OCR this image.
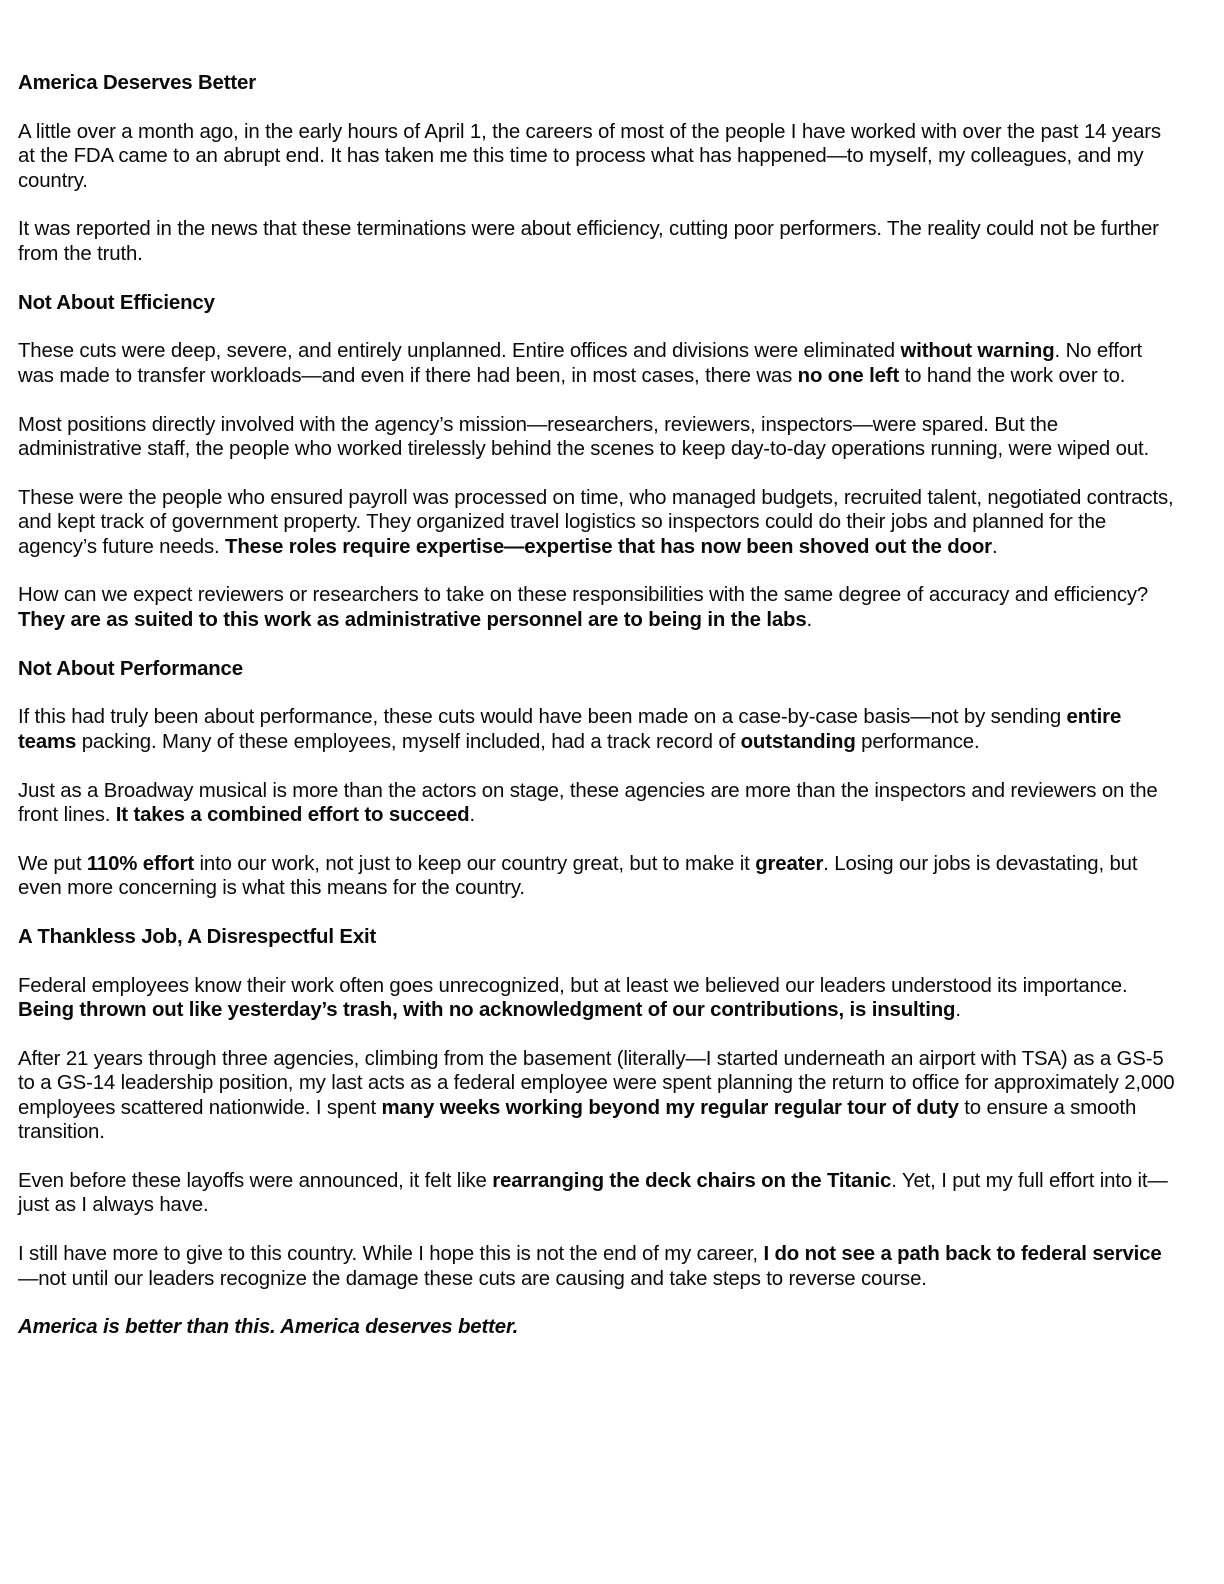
America Deserves Better

A little over a month ago, in the early hours of April 1, the careers of most of the people I have worked with over the past 14 years at the FDA came to an abrupt end. It has taken me this time to process what has happened—to myself, my colleagues, and my country.

It was reported in the news that these terminations were about efficiency, cutting poor performers. The reality could not be further from the truth.

Not About Efficiency

These cuts were deep, severe, and entirely unplanned. Entire offices and divisions were eliminated without warning. No effort was made to transfer workloads—and even if there had been, in most cases, there was no one left to hand the work over to.

Most positions directly involved with the agency’s mission—researchers, reviewers, inspectors—were spared. But the administrative staff, the people who worked tirelessly behind the scenes to keep day-to-day operations running, were wiped out.

These were the people who ensured payroll was processed on time, who managed budgets, recruited talent, negotiated contracts, and kept track of government property. They organized travel logistics so inspectors could do their jobs and planned for the agency’s future needs. These roles require expertise—expertise that has now been shoved out the door.

How can we expect reviewers or researchers to take on these responsibilities with the same degree of accuracy and efficiency? They are as suited to this work as administrative personnel are to being in the labs.

Not About Performance

If this had truly been about performance, these cuts would have been made on a case-by-case basis—not by sending entire teams packing. Many of these employees, myself included, had a track record of outstanding performance.

Just as a Broadway musical is more than the actors on stage, these agencies are more than the inspectors and reviewers on the front lines. It takes a combined effort to succeed.

We put 110% effort into our work, not just to keep our country great, but to make it greater. Losing our jobs is devastating, but even more concerning is what this means for the country.

A Thankless Job, A Disrespectful Exit

Federal employees know their work often goes unrecognized, but at least we believed our leaders understood its importance. Being thrown out like yesterday’s trash, with no acknowledgment of our contributions, is insulting.

After 21 years through three agencies, climbing from the basement (literally—I started underneath an airport with TSA) as a GS-5 to a GS-14 leadership position, my last acts as a federal employee were spent planning the return to office for approximately 2,000 employees scattered nationwide. I spent many weeks working beyond my regular regular tour of duty to ensure a smooth transition.

Even before these layoffs were announced, it felt like rearranging the deck chairs on the Titanic. Yet, I put my full effort into it—just as I always have.

I still have more to give to this country. While I hope this is not the end of my career, I do not see a path back to federal service—not until our leaders recognize the damage these cuts are causing and take steps to reverse course.

America is better than this. America deserves better.
